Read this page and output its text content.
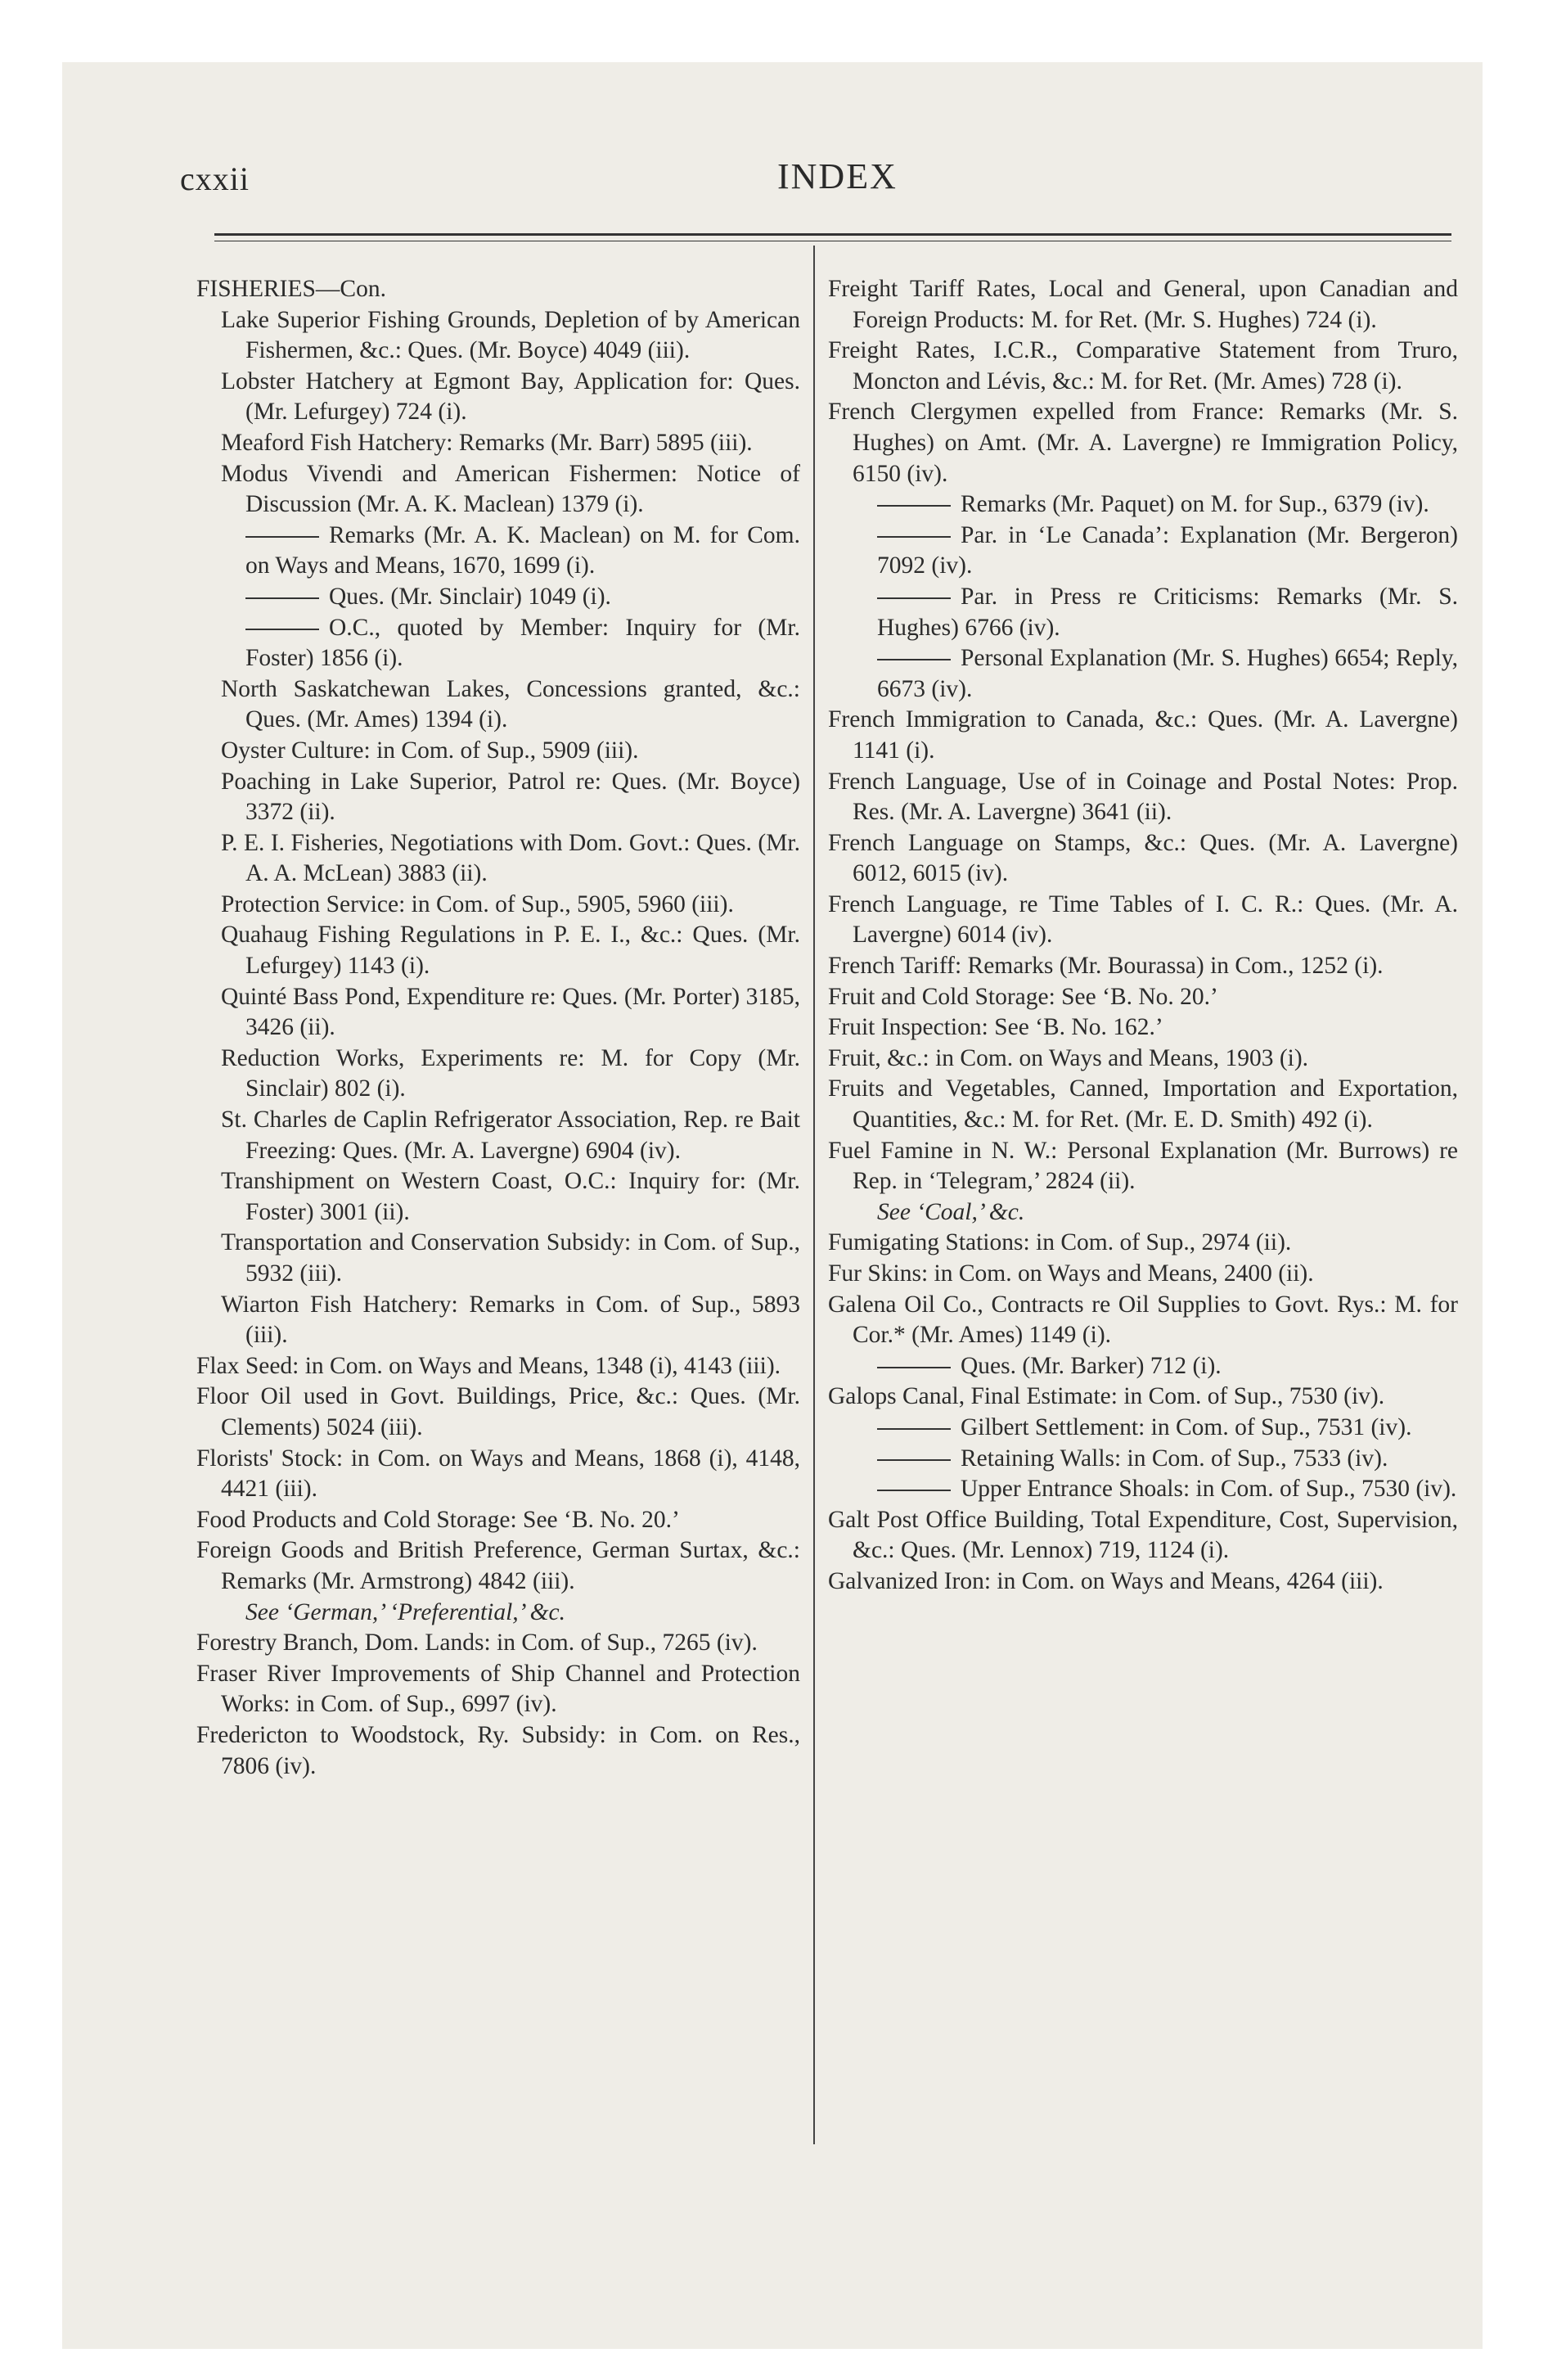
cxxii	INDEX

FISHERIES—Con.

Lake Superior Fishing Grounds, Depletion of by American Fishermen, &c.: Ques. (Mr. Boyce) 4049 (iii).

Lobster Hatchery at Egmont Bay, Application for: Ques. (Mr. Lefurgey) 724 (i).

Meaford Fish Hatchery: Remarks (Mr. Barr) 5895 (iii).

Modus Vivendi and American Fishermen: Notice of Discussion (Mr. A. K. Maclean) 1379 (i).

Remarks (Mr. A. K. Maclean) on M. for Com. on Ways and Means, 1670, 1699 (i).

Ques. (Mr. Sinclair) 1049 (i).

O.C., quoted by Member: Inquiry for (Mr. Foster) 1856 (i).

North Saskatchewan Lakes, Concessions granted, &c.: Ques. (Mr. Ames) 1394 (i).

Oyster Culture: in Com. of Sup., 5909 (iii).

Poaching in Lake Superior, Patrol re: Ques. (Mr. Boyce) 3372 (ii).

P. E. I. Fisheries, Negotiations with Dom. Govt.: Ques. (Mr. A. A. McLean) 3883 (ii).

Protection Service: in Com. of Sup., 5905, 5960 (iii).

Quahaug Fishing Regulations in P. E. I., &c.: Ques. (Mr. Lefurgey) 1143 (i).

Quinté Bass Pond, Expenditure re: Ques. (Mr. Porter) 3185, 3426 (ii).

Reduction Works, Experiments re: M. for Copy (Mr. Sinclair) 802 (i).

St. Charles de Caplin Refrigerator Association, Rep. re Bait Freezing: Ques. (Mr. A. Lavergne) 6904 (iv).

Transhipment on Western Coast, O.C.: Inquiry for: (Mr. Foster) 3001 (ii).

Transportation and Conservation Subsidy: in Com. of Sup., 5932 (iii).

Wiarton Fish Hatchery: Remarks in Com. of Sup., 5893 (iii).

Flax Seed: in Com. on Ways and Means, 1348 (i), 4143 (iii).

Floor Oil used in Govt. Buildings, Price, &c.: Ques. (Mr. Clements) 5024 (iii).

Florists' Stock: in Com. on Ways and Means, 1868 (i), 4148, 4421 (iii).

Food Products and Cold Storage: See ‘B. No. 20.’

Foreign Goods and British Preference, German Surtax, &c.: Remarks (Mr. Armstrong) 4842 (iii).

See ‘German,’ ‘Preferential,’ &c.

Forestry Branch, Dom. Lands: in Com. of Sup., 7265 (iv).

Fraser River Improvements of Ship Channel and Protection Works: in Com. of Sup., 6997 (iv).

Fredericton to Woodstock, Ry. Subsidy: in Com. on Res., 7806 (iv).

Freight Tariff Rates, Local and General, upon Canadian and Foreign Products: M. for Ret. (Mr. S. Hughes) 724 (i).

Freight Rates, I.C.R., Comparative Statement from Truro, Moncton and Lévis, &c.: M. for Ret. (Mr. Ames) 728 (i).

French Clergymen expelled from France: Remarks (Mr. S. Hughes) on Amt. (Mr. A. Lavergne) re Immigration Policy, 6150 (iv).

Remarks (Mr. Paquet) on M. for Sup., 6379 (iv).

Par. in ‘Le Canada’: Explanation (Mr. Bergeron) 7092 (iv).

Par. in Press re Criticisms: Remarks (Mr. S. Hughes) 6766 (iv).

Personal Explanation (Mr. S. Hughes) 6654; Reply, 6673 (iv).

French Immigration to Canada, &c.: Ques. (Mr. A. Lavergne) 1141 (i).

French Language, Use of in Coinage and Postal Notes: Prop. Res. (Mr. A. Lavergne) 3641 (ii).

French Language on Stamps, &c.: Ques. (Mr. A. Lavergne) 6012, 6015 (iv).

French Language, re Time Tables of I. C. R.: Ques. (Mr. A. Lavergne) 6014 (iv).

French Tariff: Remarks (Mr. Bourassa) in Com., 1252 (i).

Fruit and Cold Storage: See ‘B. No. 20.’

Fruit Inspection: See ‘B. No. 162.’

Fruit, &c.: in Com. on Ways and Means, 1903 (i).

Fruits and Vegetables, Canned, Importation and Exportation, Quantities, &c.: M. for Ret. (Mr. E. D. Smith) 492 (i).

Fuel Famine in N. W.: Personal Explanation (Mr. Burrows) re Rep. in ‘Telegram,’ 2824 (ii).

See ‘Coal,’ &c.

Fumigating Stations: in Com. of Sup., 2974 (ii).

Fur Skins: in Com. on Ways and Means, 2400 (ii).

Galena Oil Co., Contracts re Oil Supplies to Govt. Rys.: M. for Cor.* (Mr. Ames) 1149 (i).

Ques. (Mr. Barker) 712 (i).

Galops Canal, Final Estimate: in Com. of Sup., 7530 (iv).

Gilbert Settlement: in Com. of Sup., 7531 (iv).

Retaining Walls: in Com. of Sup., 7533 (iv).

Upper Entrance Shoals: in Com. of Sup., 7530 (iv).

Galt Post Office Building, Total Expenditure, Cost, Supervision, &c.: Ques. (Mr. Lennox) 719, 1124 (i).

Galvanized Iron: in Com. on Ways and Means, 4264 (iii).
